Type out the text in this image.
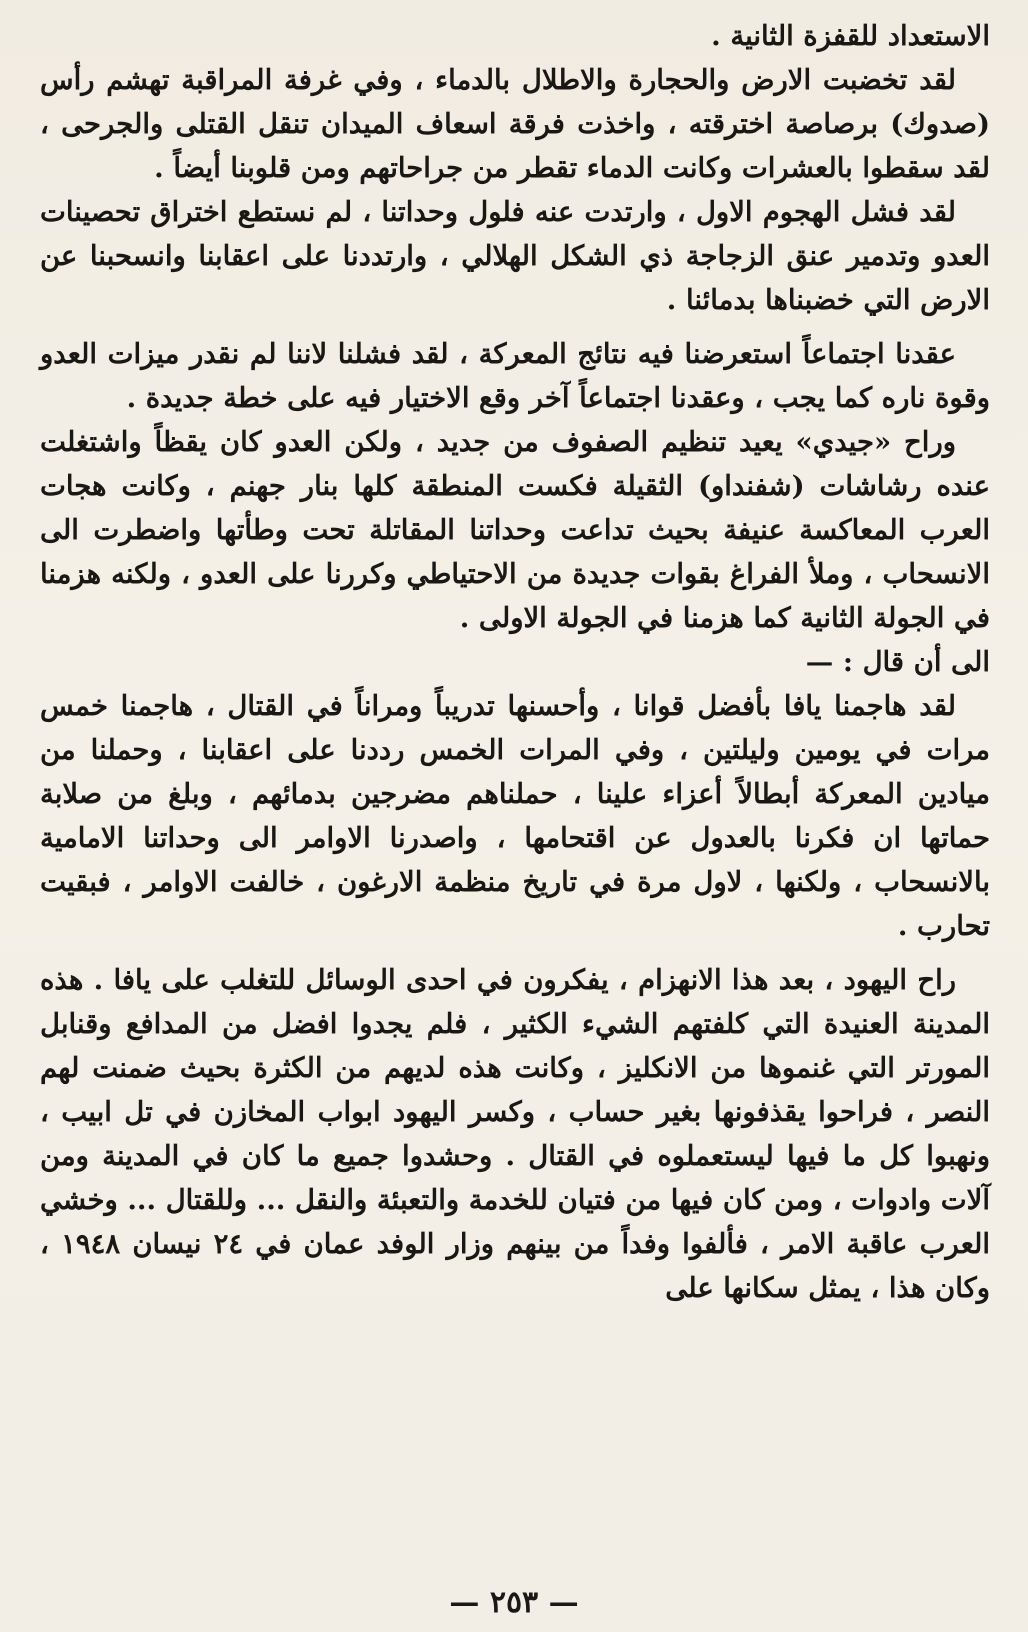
الاستعداد للقفزة الثانية .

لقد تخضبت الارض والحجارة والاطلال بالدماء ، وفي غرفة المراقبة تهشم رأس (صدوك) برصاصة اخترقته ، واخذت فرقة اسعاف الميدان تنقل القتلى والجرحى ، لقد سقطوا بالعشرات وكانت الدماء تقطر من جراحاتهم ومن قلوبنا أيضاً .

لقد فشل الهجوم الاول ، وارتدت عنه فلول وحداتنا ، لم نستطع اختراق تحصينات العدو وتدمير عنق الزجاجة ذي الشكل الهلالي ، وارتددنا على اعقابنا وانسحبنا عن الارض التي خضبناها بدمائنا .

عقدنا اجتماعاً استعرضنا فيه نتائج المعركة ، لقد فشلنا لاننا لم نقدر ميزات العدو وقوة ناره كما يجب ، وعقدنا اجتماعاً آخر وقع الاختيار فيه على خطة جديدة .

وراح «جيدي» يعيد تنظيم الصفوف من جديد ، ولكن العدو كان يقظاً واشتغلت عنده رشاشات (شفنداو) الثقيلة فكست المنطقة كلها بنار جهنم ، وكانت هجات العرب المعاكسة عنيفة بحيث تداعت وحداتنا المقاتلة تحت وطأتها واضطرت الى الانسحاب ، وملأ الفراغ بقوات جديدة من الاحتياطي وكررنا على العدو ، ولكنه هزمنا في الجولة الثانية كما هزمنا في الجولة الاولى .

الى أن قال : —

لقد هاجمنا يافا بأفضل قوانا ، وأحسنها تدريباً ومراناً في القتال ، هاجمنا خمس مرات في يومين وليلتين ، وفي المرات الخمس رددنا على اعقابنا ، وحملنا من ميادين المعركة أبطالاً أعزاء علينا ، حملناهم مضرجين بدمائهم ، وبلغ من صلابة حماتها ان فكرنا بالعدول عن اقتحامها ، واصدرنا الاوامر الى وحداتنا الامامية بالانسحاب ، ولكنها ، لاول مرة في تاريخ منظمة الارغون ، خالفت الاوامر ، فبقيت تحارب .

راح اليهود ، بعد هذا الانهزام ، يفكرون في احدى الوسائل للتغلب على يافا . هذه المدينة العنيدة التي كلفتهم الشيء الكثير ، فلم يجدوا افضل من المدافع وقنابل المورتر التي غنموها من الانكليز ، وكانت هذه لديهم من الكثرة بحيث ضمنت لهم النصر ، فراحوا يقذفونها بغير حساب ، وكسر اليهود ابواب المخازن في تل ابيب ، ونهبوا كل ما فيها ليستعملوه في القتال . وحشدوا جميع ما كان في المدينة ومن آلات وادوات ، ومن كان فيها من فتيان للخدمة والتعبئة والنقل ... وللقتال ... وخشي العرب عاقبة الامر ، فألفوا وفداً من بينهم وزار الوفد عمان في ٢٤ نيسان ١٩٤٨ ، وكان هذا ، يمثل سكانها على

— ٢٥٣ —
